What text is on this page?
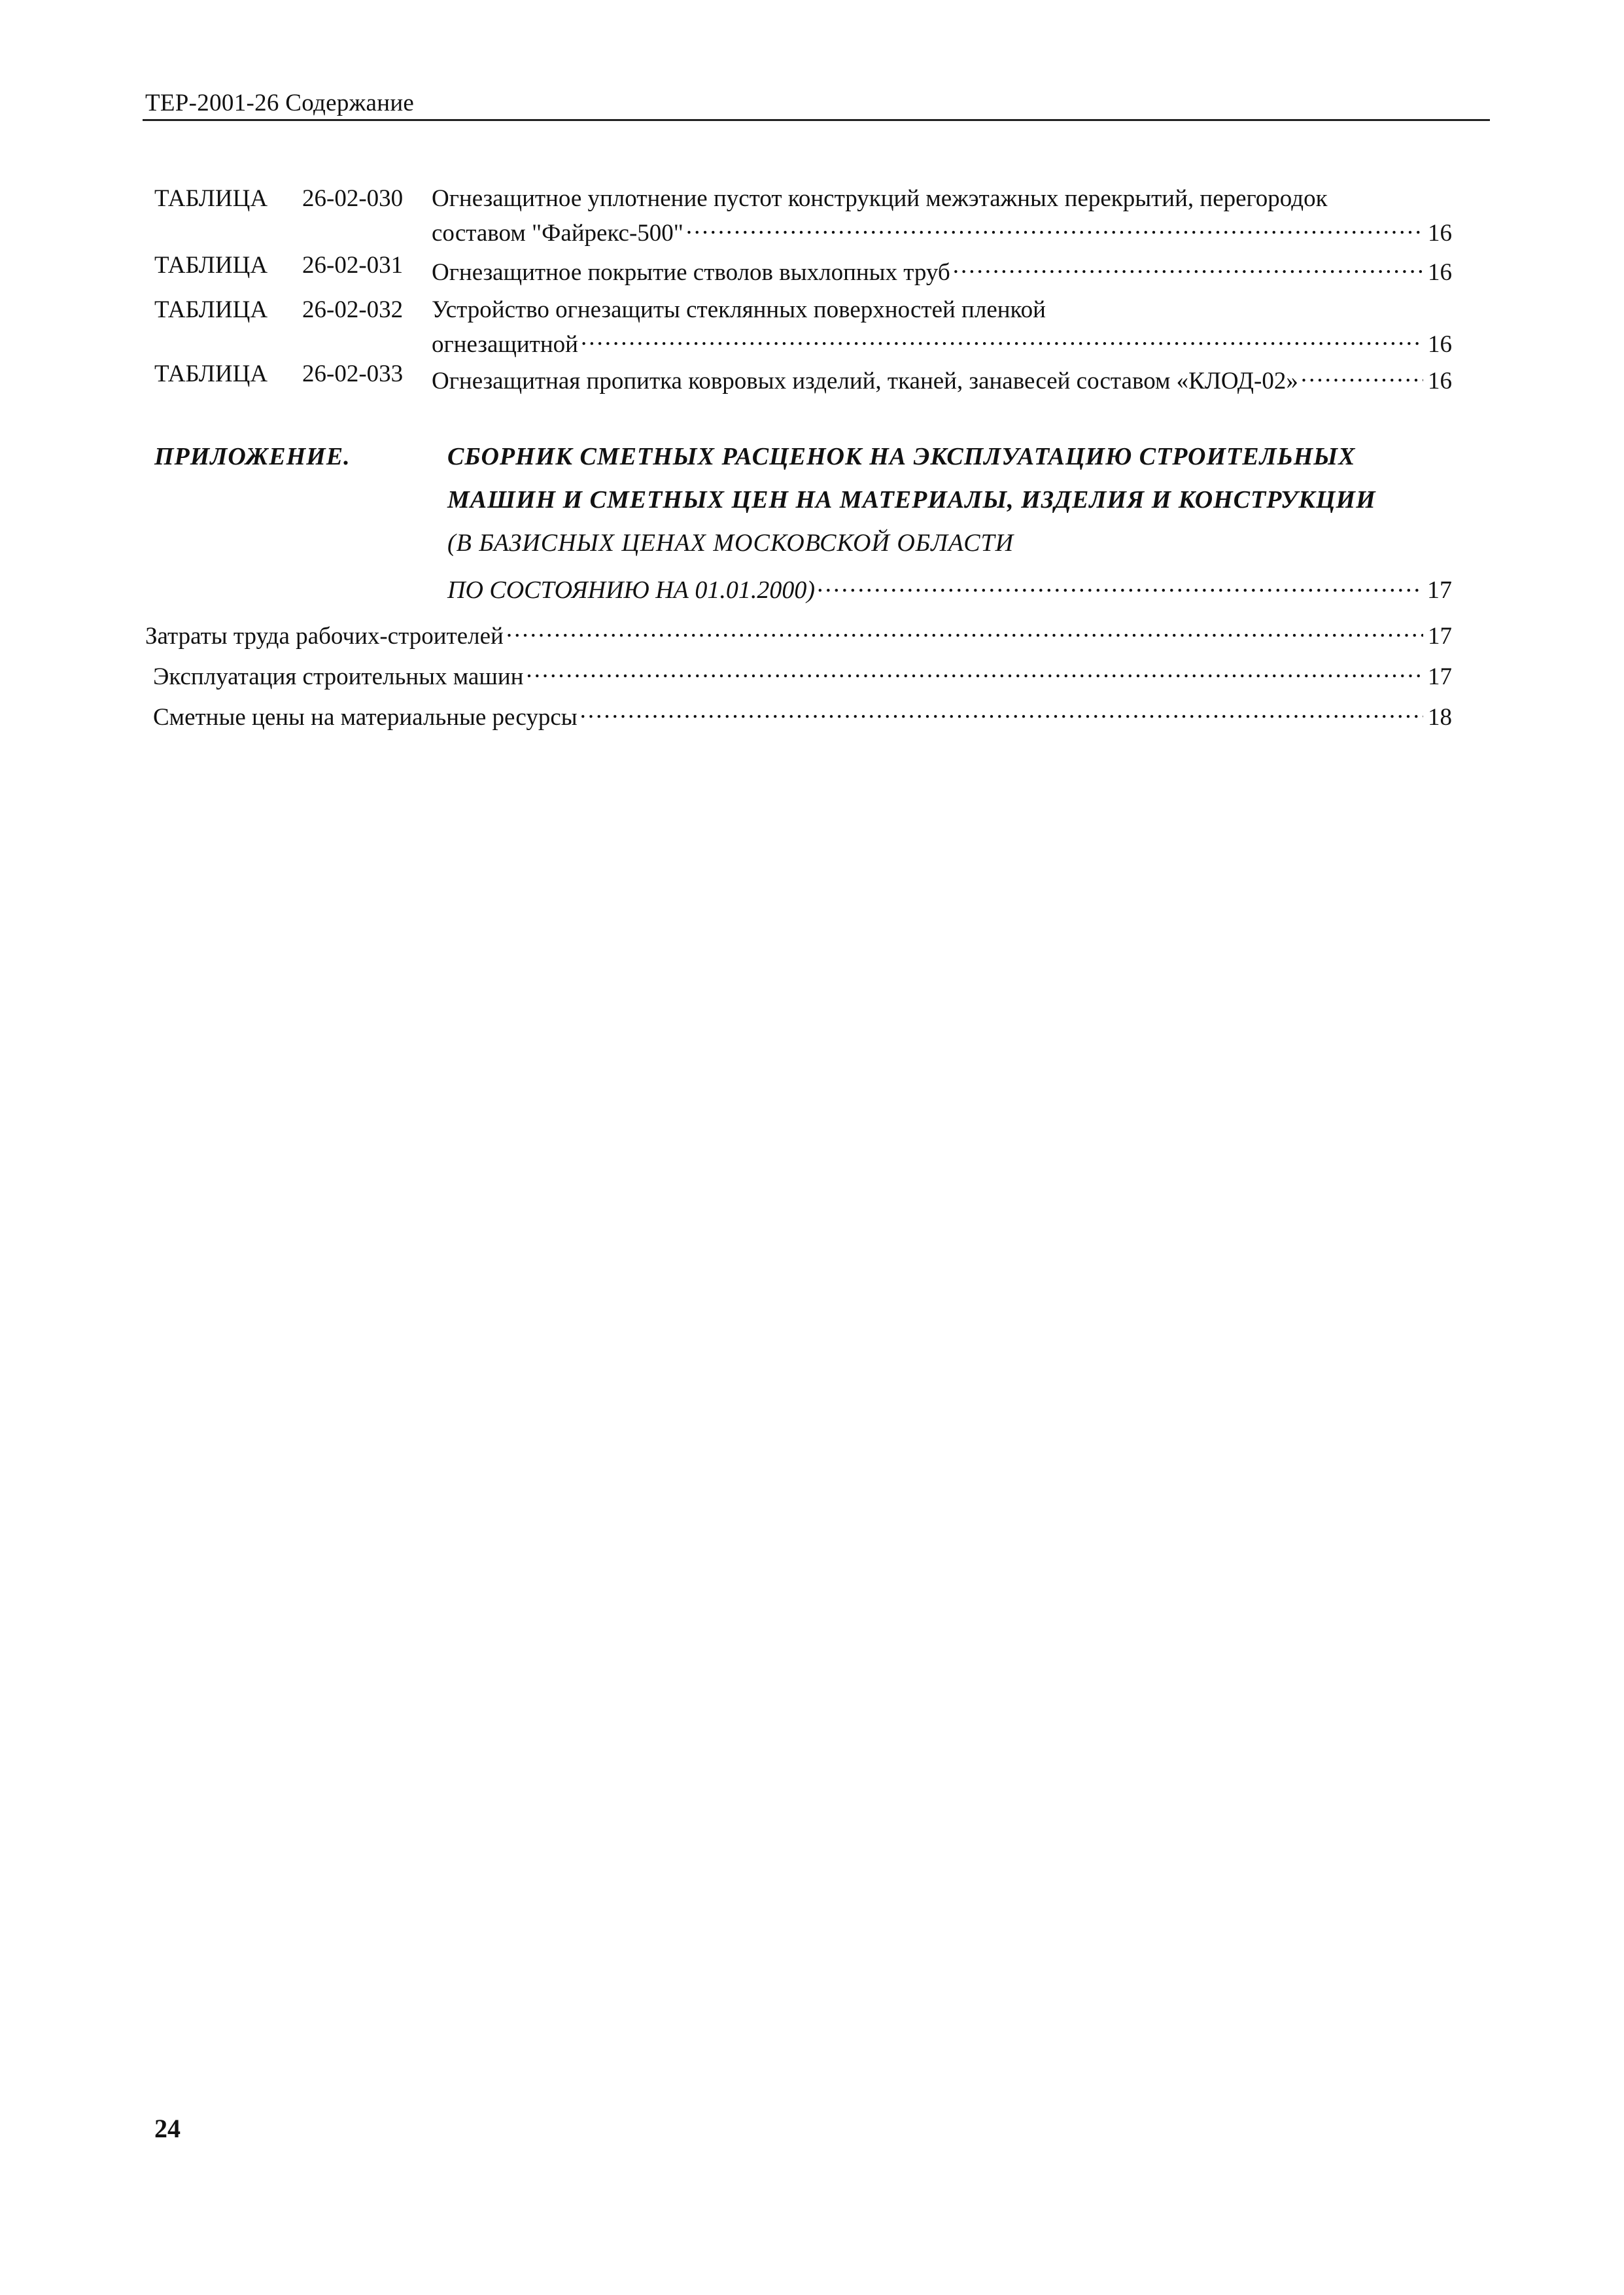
ТЕР-2001-26 Содержание
ТАБЛИЦА 26-02-030 Огнезащитное уплотнение пустот конструкций межэтажных перекрытий, перегородок
составом "Файрекс-500" .....	16
ТАБЛИЦА 26-02-031 Огнезащитное покрытие стволов выхлопных труб .....	16
ТАБЛИЦА 26-02-032 Устройство огнезащиты стеклянных поверхностей пленкой
огнезащитной .....	16
ТАБЛИЦА 26-02-033 Огнезащитная пропитка ковровых изделий, тканей, занавесей составом «КЛОД-02» .....	16
ПРИЛОЖЕНИЕ.	СБОРНИК СМЕТНЫХ РАСЦЕНОК НА ЭКСПЛУАТАЦИЮ СТРОИТЕЛЬНЫХ
МАШИН И СМЕТНЫХ ЦЕН НА МАТЕРИАЛЫ, ИЗДЕЛИЯ И КОНСТРУКЦИИ
(В БАЗИСНЫХ ЦЕНАХ МОСКОВСКОЙ ОБЛАСТИ
ПО СОСТОЯНИЮ НА 01.01.2000) .....	17
Затраты труда рабочих-строителей .....	17
Эксплуатация строительных машин .....	17
Сметные цены на материальные ресурсы .....	18
24
